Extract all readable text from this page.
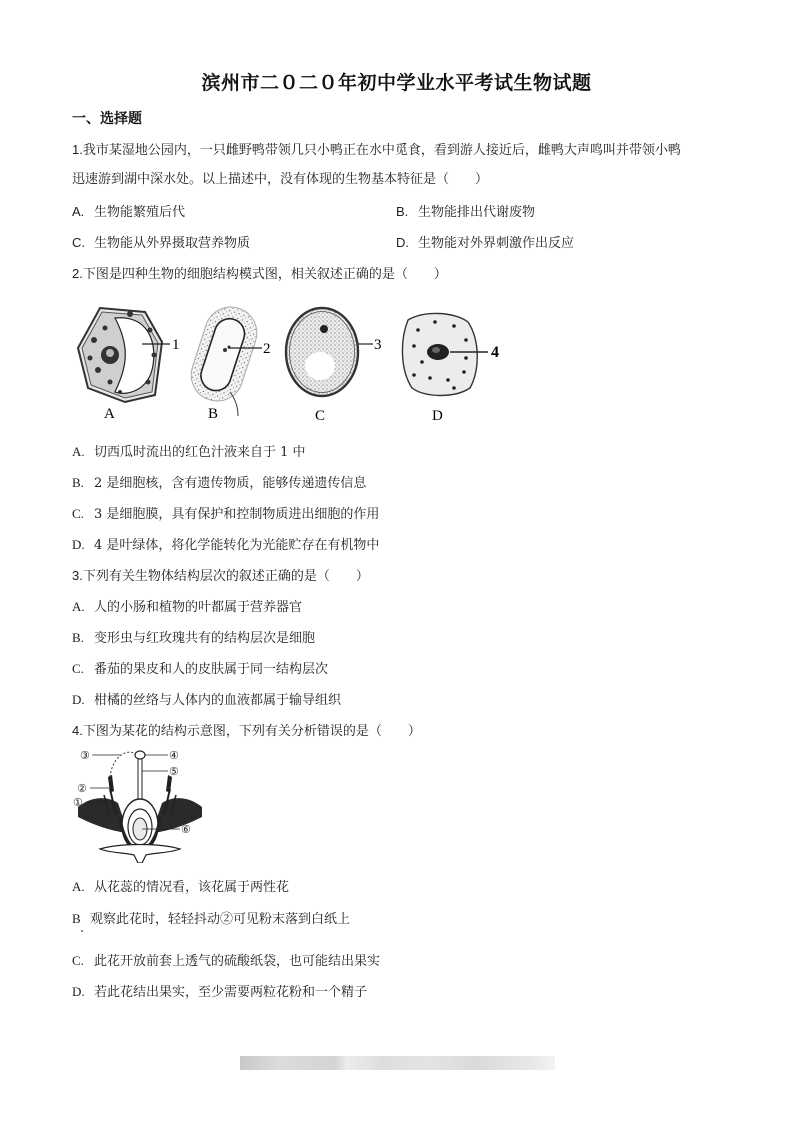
滨州市二０二０年初中学业水平考试生物试题
一、选择题
1.我市某湿地公园内，一只雌野鸭带领几只小鸭正在水中觅食，看到游人接近后，雌鸭大声鸣叫并带领小鸭
迅速游到湖中深水处。以上描述中，没有体现的生物基本特征是（　　）
A. 生物能繁殖后代	B. 生物能排出代谢废物
C. 生物能从外界摄取营养物质	D. 生物能对外界刺激作出反应
2.下图是四种生物的细胞结构模式图，相关叙述正确的是（　　）
1
A
2
B
3
C
4
D
A. 切西瓜时流出的红色汁液来自于 1 中
B. 2 是细胞核，含有遗传物质，能够传递遗传信息
C. 3 是细胞膜，具有保护和控制物质进出细胞的作用
D. 4 是叶绿体，将化学能转化为光能贮存在有机物中
3.下列有关生物体结构层次的叙述正确的是（　　）
A. 人的小肠和植物的叶都属于营养器官
B. 变形虫与红玫瑰共有的结构层次是细胞
C. 番茄的果皮和人的皮肤属于同一结构层次
D. 柑橘的丝络与人体内的血液都属于输导组织
4.下图为某花的结构示意图，下列有关分析错误的是（　　）
③	④
⑤
②
①
⑥
A. 从花蕊的情况看，该花属于两性花
B 观察此花时，轻轻抖动②可见粉末落到白纸上
C. 此花开放前套上透气的硫酸纸袋，也可能结出果实
D. 若此花结出果实，至少需要两粒花粉和一个精子
